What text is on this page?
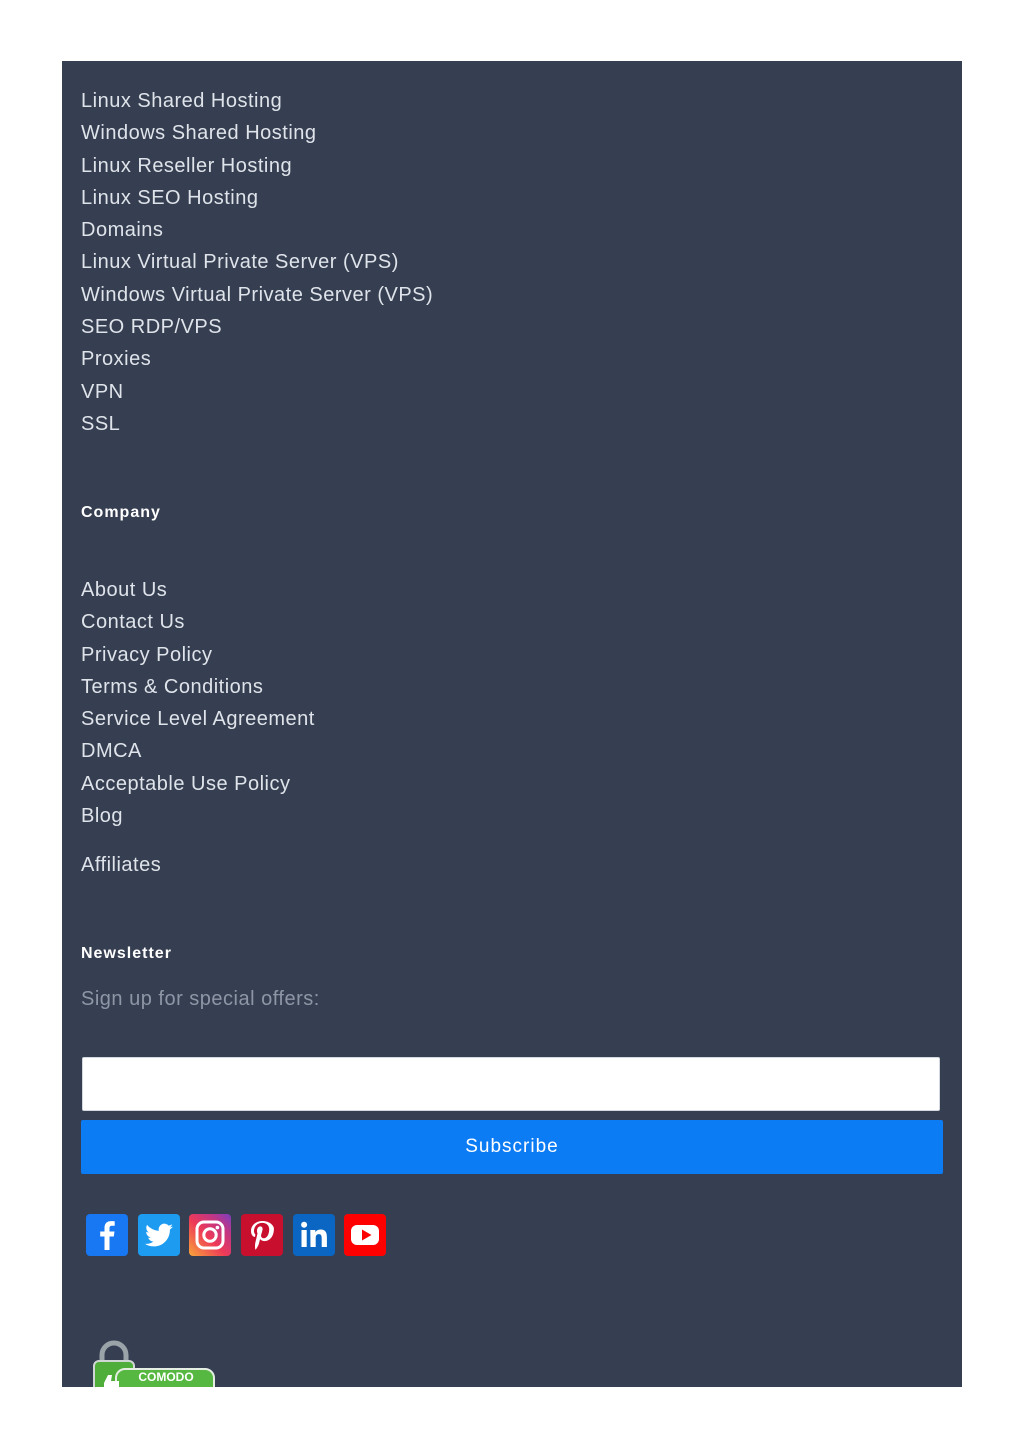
Linux Shared Hosting
Windows Shared Hosting
Linux Reseller Hosting
Linux SEO Hosting
Domains
Linux Virtual Private Server (VPS)
Windows Virtual Private Server (VPS)
SEO RDP/VPS
Proxies
VPN
SSL
Company
About Us
Contact Us
Privacy Policy
Terms & Conditions
Service Level Agreement
DMCA
Acceptable Use Policy
Blog
Affiliates
Newsletter
Sign up for special offers:
Subscribe
COMODO
